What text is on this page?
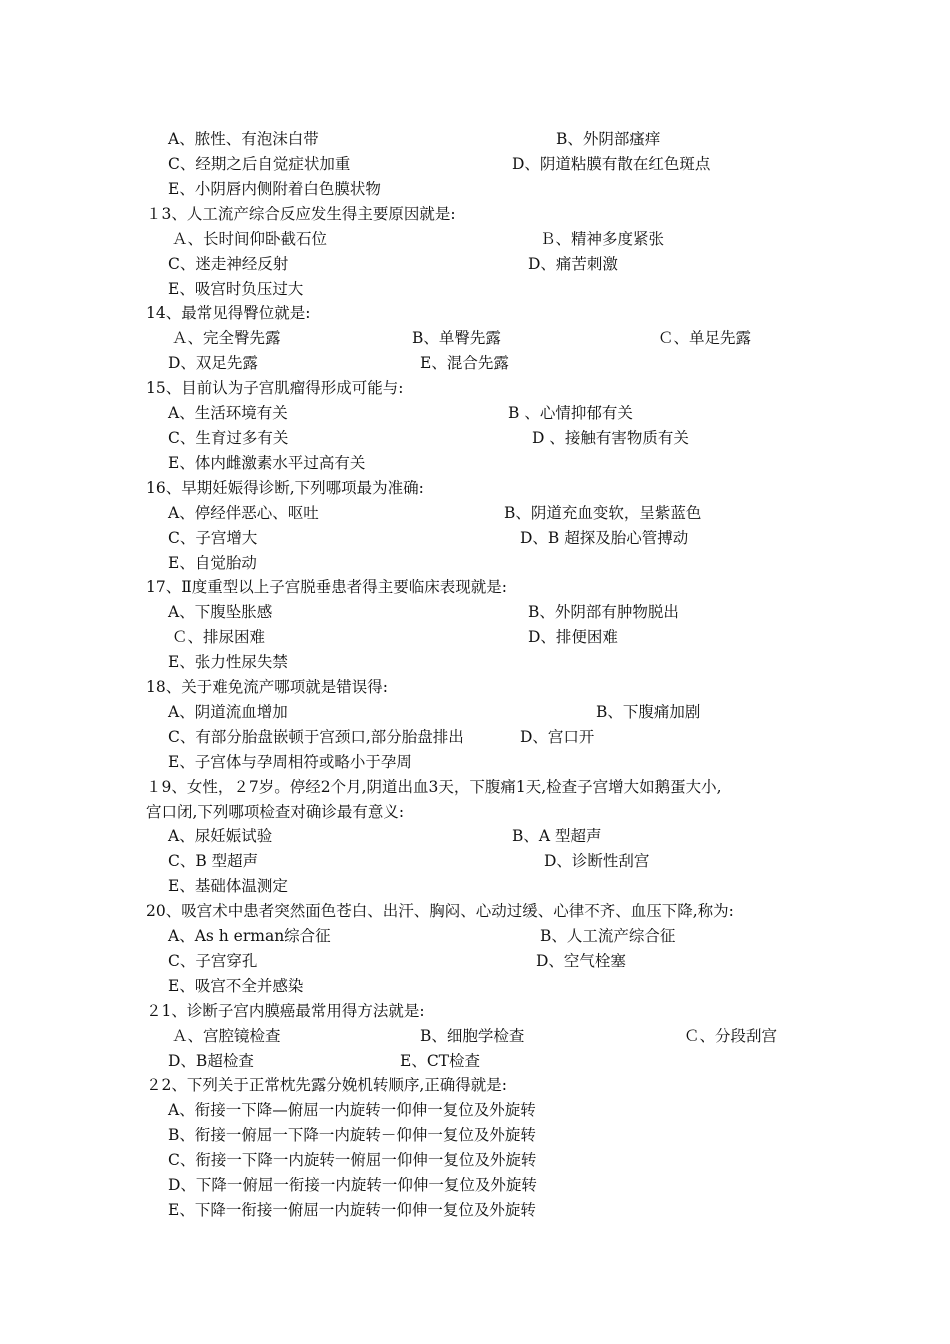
A、脓性、有泡沫白带	B、外阴部瘙痒
C、经期之后自觉症状加重	D、阴道粘膜有散在红色斑点
E、小阴唇内侧附着白色膜状物
１3、人工流产综合反应发生得主要原因就是:
Ａ、长时间仰卧截石位	Ｂ、精神多度紧张
C、迷走神经反射	D、痛苦刺激
E、吸宫时负压过大
14、最常见得臀位就是:
Ａ、完全臀先露	B、单臀先露	Ｃ、单足先露
D、双足先露	E、混合先露
15、目前认为子宫肌瘤得形成可能与:
A、生活环境有关	B 、心情抑郁有关
C、生育过多有关	D 、接触有害物质有关
E、体内雌激素水平过高有关
16、早期妊娠得诊断,下列哪项最为准确:
A、停经伴恶心、呕吐	B、阴道充血变软，呈紫蓝色
C、子宫增大	D、B 超探及胎心管搏动
E、自觉胎动
17、Ⅱ度重型以上子宫脱垂患者得主要临床表现就是:
A、下腹坠胀感	B、外阴部有肿物脱出
Ｃ、排尿困难	D、排便困难
E、张力性尿失禁
18、关于难免流产哪项就是错误得:
A、阴道流血增加	B、下腹痛加剧
C、有部分胎盘嵌顿于宫颈口,部分胎盘排出	D、宫口开
E、子宫体与孕周相符或略小于孕周
１9、女性，２7岁。停经2个月,阴道出血3天，下腹痛1天,检查子宫增大如鹅蛋大小,
宫口闭,下列哪项检查对确诊最有意义:
A、尿妊娠试验	B、A 型超声
C、B 型超声	D、诊断性刮宫
E、基础体温测定
20、吸宫术中患者突然面色苍白、出汗、胸闷、心动过缓、心律不齐、血压下降,称为:
A、As h erman综合征	B、人工流产综合征
C、子宫穿孔	D、空气栓塞
E、吸宫不全并感染
２1、诊断子宫内膜癌最常用得方法就是:
Ａ、宫腔镜检查	B、细胞学检查	Ｃ、分段刮宫
D、B超检查	E、CT检查
２2、下列关于正常枕先露分娩机转顺序,正确得就是:
A、衔接一下降—俯屈一内旋转一仰伸一复位及外旋转
B、衔接一俯屈一下降一内旋转－仰伸一复位及外旋转
C、衔接一下降一内旋转一俯屈一仰伸一复位及外旋转
D、下降一俯屈一衔接一内旋转一仰伸一复位及外旋转
E、下降一衔接一俯屈一内旋转一仰伸一复位及外旋转
